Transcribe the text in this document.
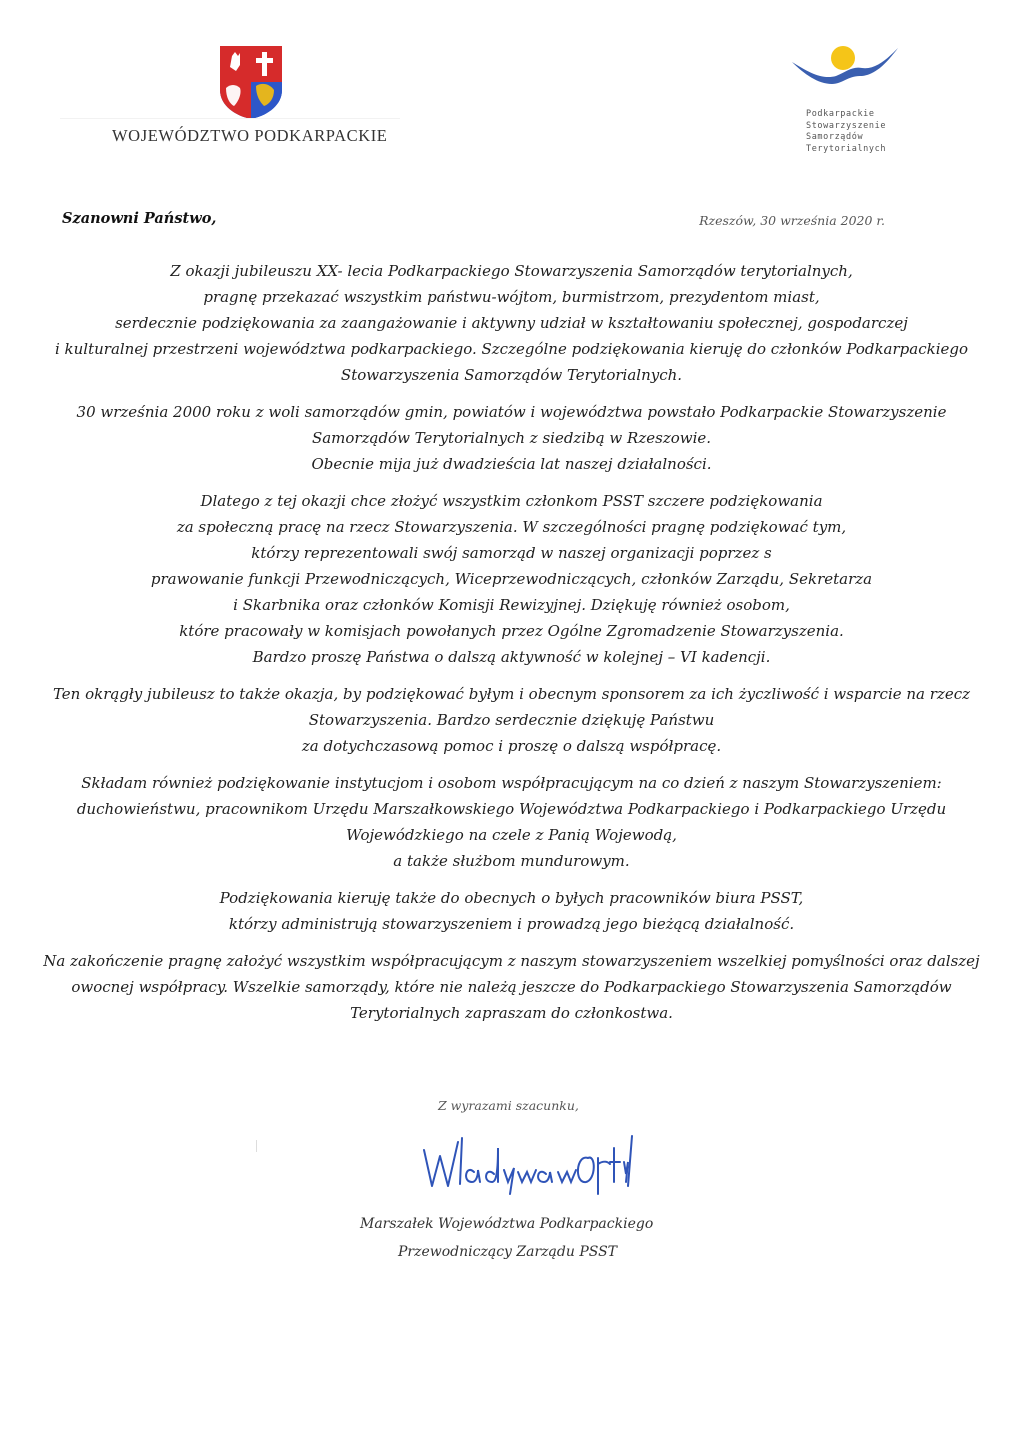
WOJEWÓDZTWO PODKARPACKIE
Podkarpackie
Stowarzyszenie
Samorządów
Terytorialnych
Szanowni Państwo,	Rzeszów, 30 września 2020 r.

Z okazji jubileuszu XX- lecia Podkarpackiego Stowarzyszenia Samorządów terytorialnych,
pragnę przekazać wszystkim państwu-wójtom, burmistrzom, prezydentom miast,
serdecznie podziękowania za zaangażowanie i aktywny udział w kształtowaniu społecznej, gospodarczej
i kulturalnej przestrzeni województwa podkarpackiego. Szczególne podziękowania kieruję do członków Podkarpackiego
Stowarzyszenia Samorządów Terytorialnych.

30 września 2000 roku z woli samorządów gmin, powiatów i województwa powstało Podkarpackie Stowarzyszenie
Samorządów Terytorialnych z siedzibą w Rzeszowie.
Obecnie mija już dwadzieścia lat naszej działalności.

Dlatego z tej okazji chce złożyć wszystkim członkom PSST szczere podziękowania
za społeczną pracę na rzecz Stowarzyszenia. W szczególności pragnę podziękować tym,
którzy reprezentowali swój samorząd w naszej organizacji poprzez s
prawowanie funkcji Przewodniczących, Wiceprzewodniczących, członków Zarządu, Sekretarza
i Skarbnika oraz członków Komisji Rewizyjnej. Dziękuję również osobom,
które pracowały w komisjach powołanych przez Ogólne Zgromadzenie Stowarzyszenia.
Bardzo proszę Państwa o dalszą aktywność w kolejnej – VI kadencji.

Ten okrągły jubileusz to także okazja, by podziękować byłym i obecnym sponsorem za ich życzliwość i wsparcie na rzecz
Stowarzyszenia. Bardzo serdecznie dziękuję Państwu
za dotychczasową pomoc i proszę o dalszą współpracę.

Składam również podziękowanie instytucjom i osobom współpracującym na co dzień z naszym Stowarzyszeniem:
duchowieństwu, pracownikom Urzędu Marszałkowskiego Województwa Podkarpackiego i Podkarpackiego Urzędu
Wojewódzkiego na czele z Panią Wojewodą,
a także służbom mundurowym.

Podziękowania kieruję także do obecnych o byłych pracowników biura PSST,
którzy administrują stowarzyszeniem i prowadzą jego bieżącą działalność.

Na zakończenie pragnę założyć wszystkim współpracującym z naszym stowarzyszeniem wszelkiej pomyślności oraz dalszej
owocnej współpracy. Wszelkie samorządy, które nie należą jeszcze do Podkarpackiego Stowarzyszenia Samorządów
Terytorialnych zapraszam do członkostwa.

Z wyrazami szacunku,
Marszałek Województwa Podkarpackiego
Przewodniczący Zarządu PSST
